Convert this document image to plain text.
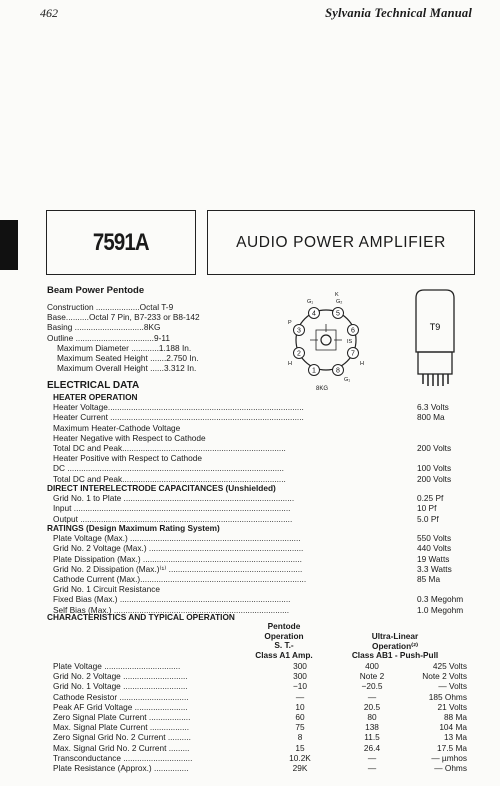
462	Sylvania Technical Manual
7591A	AUDIO POWER AMPLIFIER
Beam Power Pentode
Construction ...................Octal T-9
Base..........Octal 7 Pin, B7-233 or B8-142
Basing ..............................8KG
Outline ..................................9-11
Maximum Diameter ............1.188 In.
Maximum Seated Height .......2.750 In.
Maximum Overall Height ......3.312 In.
4	5
3	6
2	7
1	8
K
G₁	G₂
P
H	H
G₁
IS
8KG
T9
ELECTRICAL DATA
HEATER OPERATION
Heater Voltage.....................................................................................	6.3 Volts
Heater Current ....................................................................................	800 Ma
Maximum Heater-Cathode Voltage
Heater Negative with Respect to Cathode
Total DC and Peak.......................................................................	200 Volts
Heater Positive with Respect to Cathode
DC ..............................................................................................	100 Volts
Total DC and Peak.......................................................................	200 Volts
DIRECT INTERELECTRODE CAPACITANCES (Unshielded)
Grid No. 1 to Plate ..........................................................................	0.25 Pf
Input ..............................................................................................	10 Pf
Output ............................................................................................	5.0 Pf
RATINGS (Design Maximum Rating System)
Plate Voltage (Max.) ..........................................................................	550 Volts
Grid No. 2 Voltage (Max.) ...................................................................	440 Volts
Plate Dissipation (Max.) .....................................................................	19 Watts
Grid No. 2 Dissipation (Max.)⁽¹⁾ ..........................................................	3.3 Watts
Cathode Current (Max.)........................................................................	85 Ma
Grid No. 1 Circuit Resistance
Fixed Bias (Max.) ..........................................................................	0.3 Megohm
Self Bias (Max.) ............................................................................	1.0 Megohm
CHARACTERISTICS AND TYPICAL OPERATION
Pentode
Operation
S. T.-
Class A1 Amp.
Ultra-Linear
Operation⁽²⁾
Class AB1 - Push-Pull
Plate Voltage .................................	300	400	425 Volts
Grid No. 2 Voltage ............................	300	Note 2	Note 2 Volts
Grid No. 1 Voltage ............................	−10	−20.5	— Volts
Cathode Resistor ..............................	—	—	185 Ohms
Peak AF Grid Voltage .......................	10	20.5	21 Volts
Zero Signal Plate Current ..................	60	80	88 Ma
Max. Signal Plate Current .................	75	138	104 Ma
Zero Signal Grid No. 2 Current ..........	8	11.5	13 Ma
Max. Signal Grid No. 2 Current .........	15	26.4	17.5 Ma
Transconductance ..............................	10.2K	—	— µmhos
Plate Resistance (Approx.) ...............	29K	—	— Ohms
